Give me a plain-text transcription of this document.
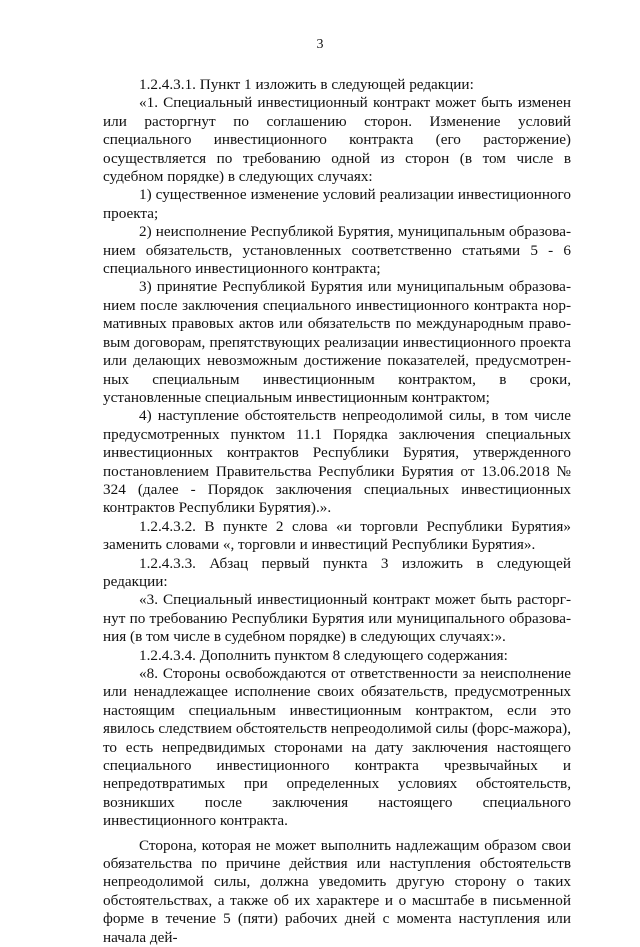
3

1.2.4.3.1. Пункт 1 изложить в следующей редакции:

«1. Специальный инвестиционный контракт может быть изменен или расторгнут по соглашению сторон. Изменение условий специального инвестиционного контракта (его расторжение) осуществляется по требованию одной из сторон (в том числе в судебном порядке) в следующих случаях:

1) существенное изменение условий реализации инвестиционного проекта;

2) неисполнение Республикой Бурятия, муниципальным образованием обязательств, установленных соответственно статьями 5 - 6 специального инвестиционного контракта;

3) принятие Республикой Бурятия или муниципальным образованием после заключения специального инвестиционного контракта нормативных правовых актов или обязательств по международным правовым договорам, препятствующих реализации инвестиционного проекта или делающих невозможным достижение показателей, предусмотренных специальным инвестиционным контрактом, в сроки, установленные специальным инвестиционным контрактом;

4) наступление обстоятельств непреодолимой силы, в том числе предусмотренных пунктом 11.1 Порядка заключения специальных инвестиционных контрактов Республики Бурятия, утвержденного постановлением Правительства Республики Бурятия от 13.06.2018 № 324 (далее - Порядок заключения специальных инвестиционных контрактов Республики Бурятия).».

1.2.4.3.2. В пункте 2 слова «и торговли Республики Бурятия» заменить словами «, торговли и инвестиций Республики Бурятия».

1.2.4.3.3. Абзац первый пункта 3 изложить в следующей редакции:

«3. Специальный инвестиционный контракт может быть расторгнут по требованию Республики Бурятия или муниципального образования (в том числе в судебном порядке) в следующих случаях:».

1.2.4.3.4. Дополнить пунктом 8 следующего содержания:

«8. Стороны освобождаются от ответственности за неисполнение или ненадлежащее исполнение своих обязательств, предусмотренных настоящим специальным инвестиционным контрактом, если это явилось следствием обстоятельств непреодолимой силы (форс-мажора), то есть непредвидимых сторонами на дату заключения настоящего специального инвестиционного контракта чрезвычайных и непредотвратимых при определенных условиях обстоятельств, возникших после заключения настоящего специального инвестиционного контракта.

Сторона, которая не может выполнить надлежащим образом свои обязательства по причине действия или наступления обстоятельств непреодолимой силы, должна уведомить другую сторону о таких обстоятельствах, а также об их характере и о масштабе в письменной форме в течение 5 (пяти) рабочих дней с момента наступления или начала дей-
